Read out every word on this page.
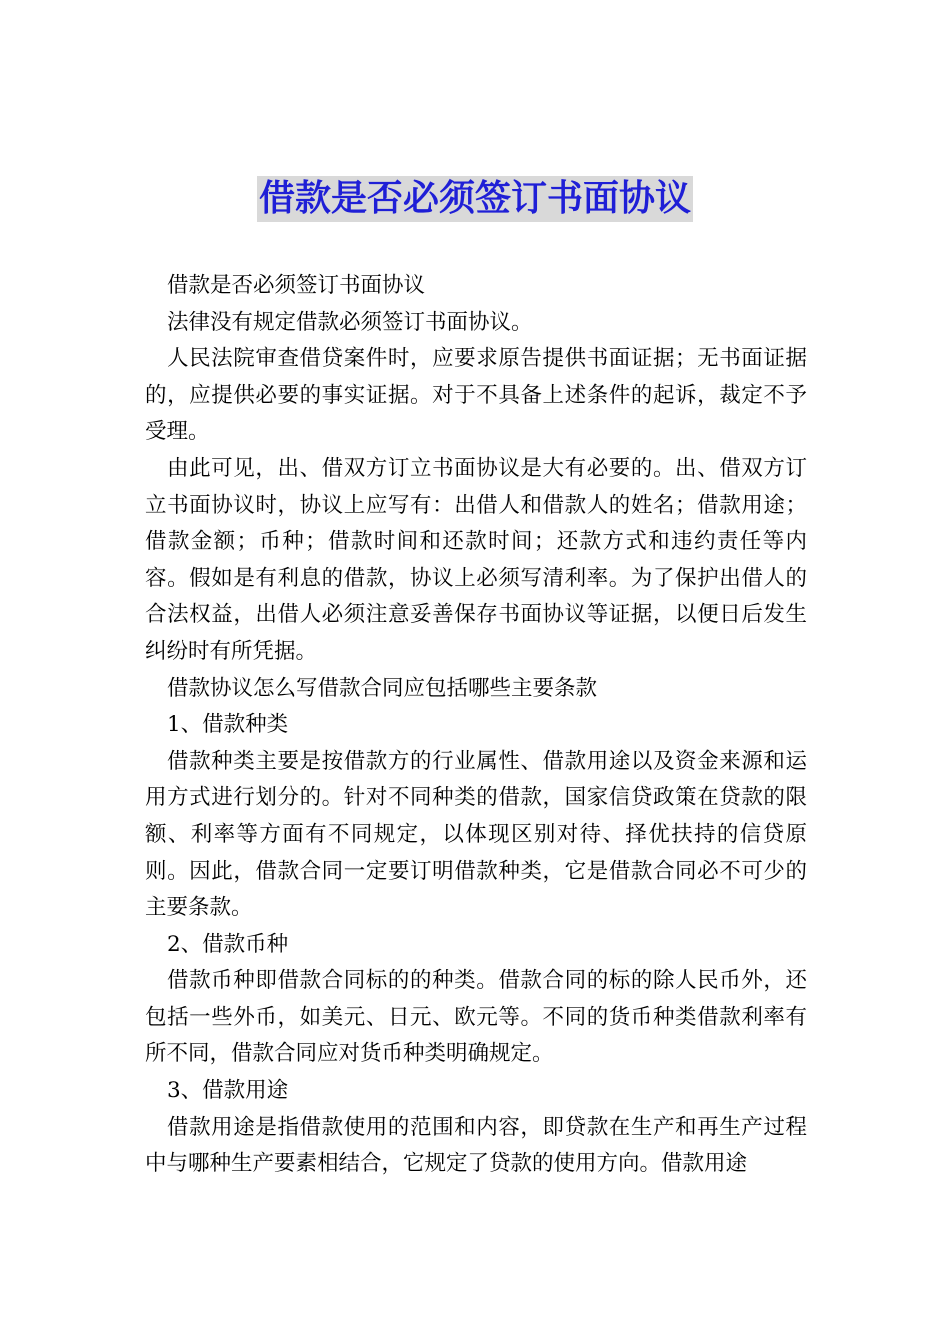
借款是否必须签订书面协议

借款是否必须签订书面协议

法律没有规定借款必须签订书面协议。

人民法院审查借贷案件时，应要求原告提供书面证据；无书面证据的，应提供必要的事实证据。对于不具备上述条件的起诉，裁定不予受理。

由此可见，出、借双方订立书面协议是大有必要的。出、借双方订立书面协议时，协议上应写有：出借人和借款人的姓名；借款用途；借款金额；币种；借款时间和还款时间；还款方式和违约责任等内容。假如是有利息的借款，协议上必须写清利率。为了保护出借人的合法权益，出借人必须注意妥善保存书面协议等证据，以便日后发生纠纷时有所凭据。

借款协议怎么写借款合同应包括哪些主要条款

1、借款种类

借款种类主要是按借款方的行业属性、借款用途以及资金来源和运用方式进行划分的。针对不同种类的借款，国家信贷政策在贷款的限额、利率等方面有不同规定，以体现区别对待、择优扶持的信贷原则。因此，借款合同一定要订明借款种类，它是借款合同必不可少的主要条款。

2、借款币种

借款币种即借款合同标的的种类。借款合同的标的除人民币外，还包括一些外币，如美元、日元、欧元等。不同的货币种类借款利率有所不同，借款合同应对货币种类明确规定。

3、借款用途

借款用途是指借款使用的范围和内容，即贷款在生产和再生产过程中与哪种生产要素相结合，它规定了贷款的使用方向。借款用途
